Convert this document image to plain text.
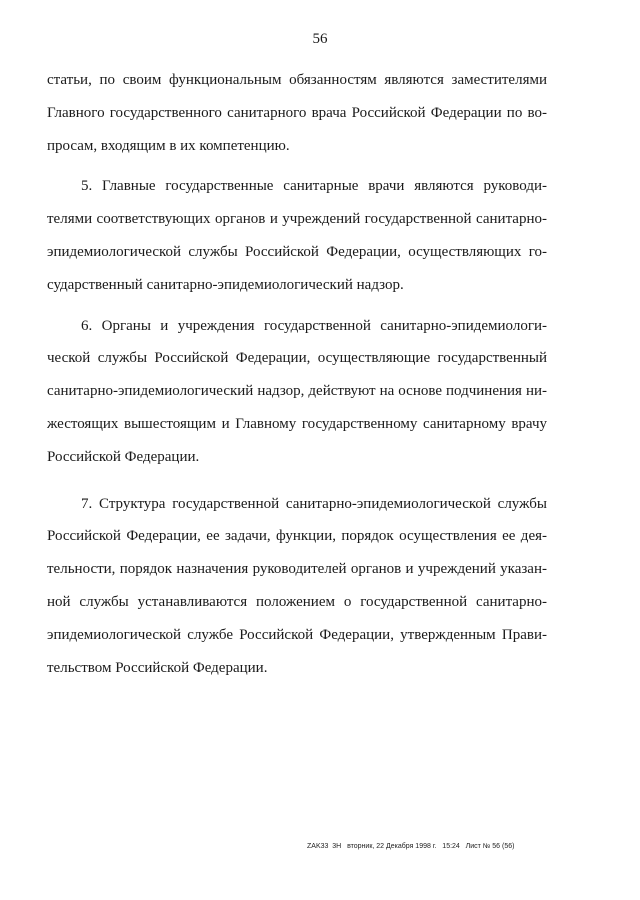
56
статьи, по своим функциональным обязанностям являются заместителями
Главного государственного санитарного врача Российской Федерации по во-
просам, входящим в их компетенцию.
5. Главные государственные санитарные врачи являются руководи-
телями соответствующих органов и учреждений государственной санитарно-
эпидемиологической службы Российской Федерации, осуществляющих го-
сударственный санитарно-эпидемиологический надзор.
6. Органы и учреждения государственной санитарно-эпидемиологи-
ческой службы Российской Федерации, осуществляющие государственный
санитарно-эпидемиологический надзор, действуют на основе подчинения ни-
жестоящих вышестоящим и Главному государственному санитарному врачу
Российской Федерации.
7. Структура государственной санитарно-эпидемиологической службы
Российской Федерации, ее задачи, функции, порядок осуществления ее дея-
тельности, порядок назначения руководителей органов и учреждений указан-
ной службы устанавливаются положением о государственной санитарно-
эпидемиологической службе Российской Федерации, утвержденным Прави-
тельством Российской Федерации.
ZAK33  3H   вторник, 22 Декабря 1998 г.   15:24   Лист № 56 (56)
